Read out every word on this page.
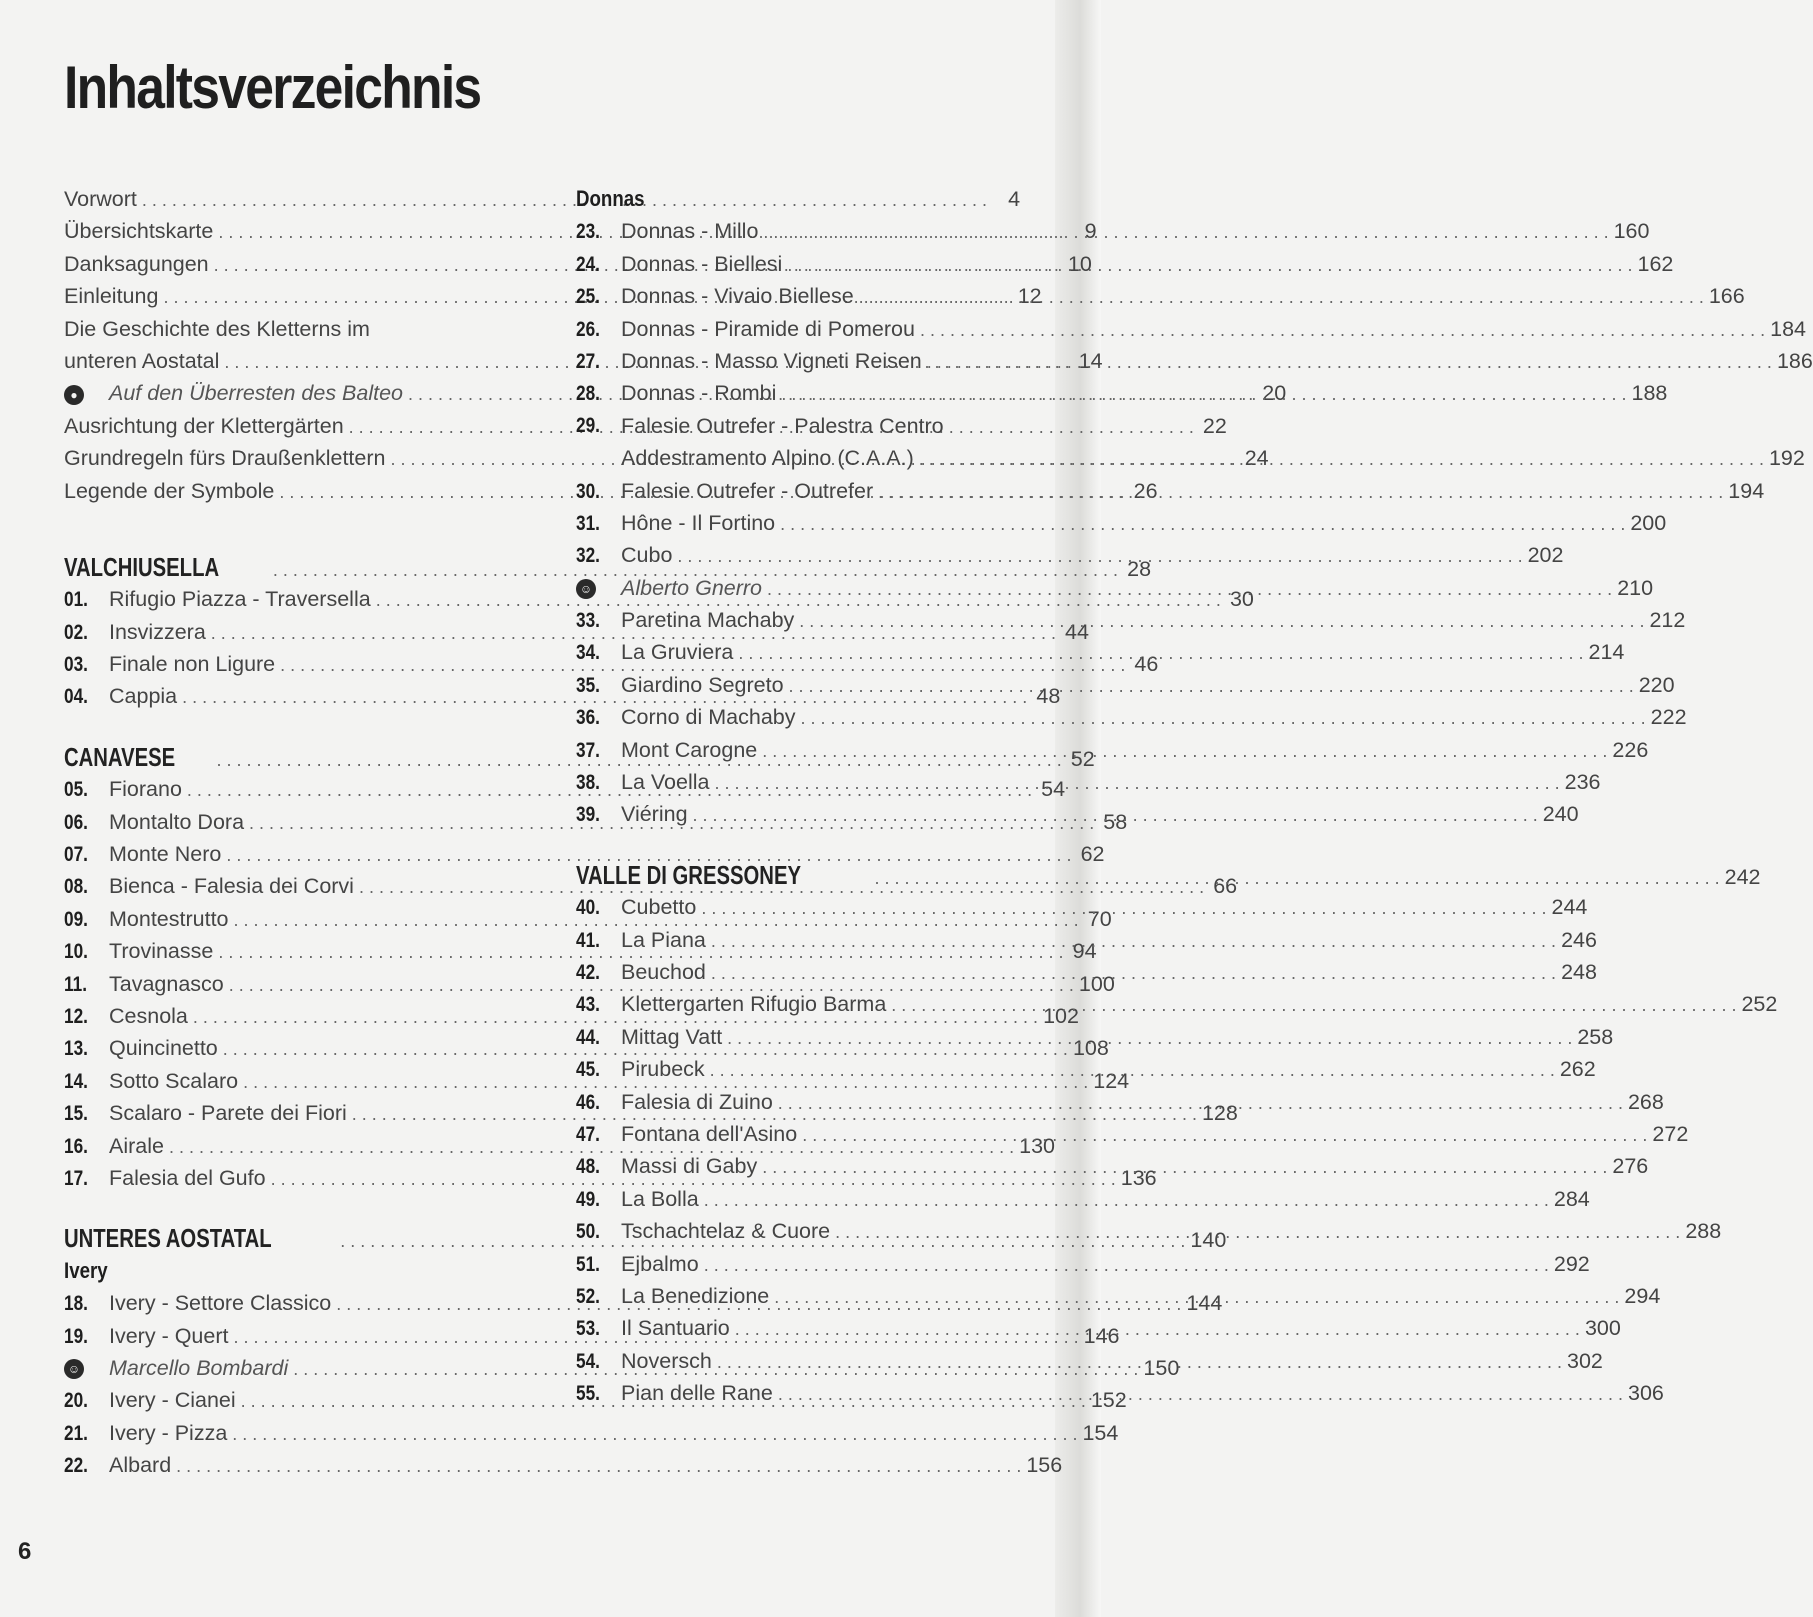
Inhaltsverzeichnis
Vorwort . . .	4
Übersichtskarte . . .	9
Danksagungen . . .	10
Einleitung . . .	12
Die Geschichte des Kletterns im
unteren Aostatal . . .	14
●	Auf den Überresten des Balteo . . .	20
Ausrichtung der Klettergärten . . .	22
Grundregeln fürs Draußenklettern . . .	24
Legende der Symbole . . .	26
VALCHIUSELLA . . .	28
01. Rifugio Piazza - Traversella . . .	30
02. Insvizzera . . .	44
03. Finale non Ligure . . .	46
04. Cappia . . .	48
CANAVESE . . .	52
05. Fiorano . . .	54
06. Montalto Dora . . .	58
07. Monte Nero . . .	62
08. Bienca - Falesia dei Corvi . . .	66
09. Montestrutto . . .	70
10. Trovinasse . . .	94
11.	Tavagnasco . . .	100
12. Cesnola . . .	102
13. Quincinetto . . .	108
14. Sotto Scalaro . . .	124
15. Scalaro - Parete dei Fiori . . .	128
16. Airale . . .	130
17. Falesia del Gufo . . .	136
UNTERES AOSTATAL . . .	140
Ivery
18. Ivery - Settore Classico . . .	144
19. Ivery - Quert . . .	146
☺	Marcello Bombardi . . .	150
20. Ivery - Cianei . . .	152
21. Ivery - Pizza . . .	154
22. Albard . . .	156
Donnas
23. Donnas - Millo . . .	160
24. Donnas - Biellesi . . .	162
25. Donnas - Vivaio Biellese . . .	166
26. Donnas - Piramide di Pomerou . . .	184
27. Donnas - Masso Vigneti Reisen . . .	186
28. Donnas - Rombi . . .	188
29. Falesie Outrefer - Palestra Centro
Addestramento Alpino (C.A.A.) . . .	192
30. Falesie Outrefer - Outrefer . . .	194
31. Hône - Il Fortino . . .	200
32. Cubo . . .	202
☺	Alberto Gnerro . . .	210
33. Paretina Machaby . . .	212
34. La Gruviera . . .	214
35. Giardino Segreto . . .	220
36. Corno di Machaby . . .	222
37. Mont Carogne . . .	226
38. La Voella . . .	236
39. Viéring . . .	240
VALLE DI GRESSONEY . . .	242
40. Cubetto . . .	244
41. La Piana . . .	246
42. Beuchod . . .	248
43. Klettergarten Rifugio Barma . . .	252
44. Mittag Vatt . . .	258
45. Pirubeck . . .	262
46. Falesia di Zuino . . .	268
47. Fontana dell'Asino . . .	272
48. Massi di Gaby . . .	276
49. La Bolla . . .	284
50. Tschachtelaz & Cuore . . .	288
51. Ejbalmo . . .	292
52. La Benedizione . . .	294
53. Il Santuario . . .	300
54. Noversch . . .	302
55. Pian delle Rane . . .	306
6
